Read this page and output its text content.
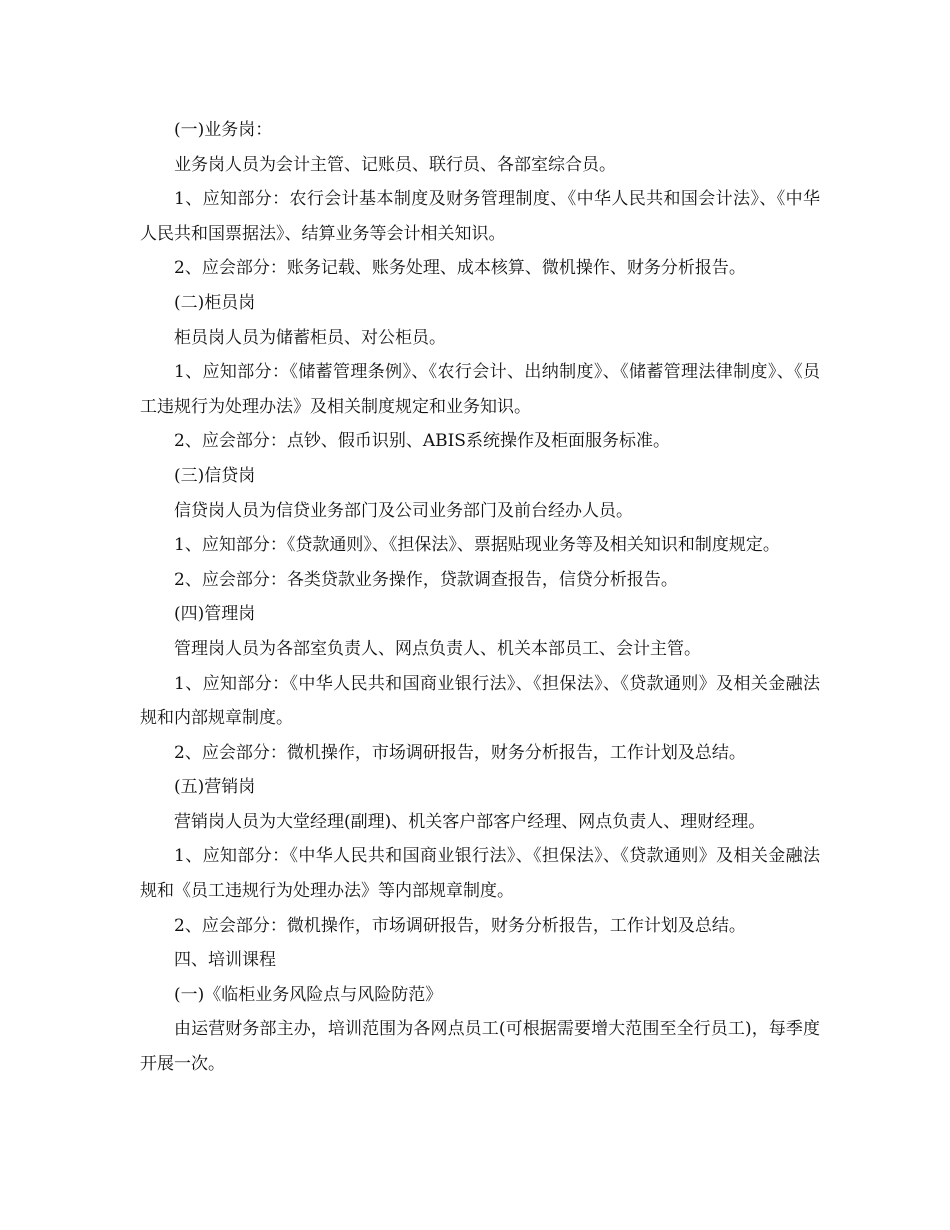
(一)业务岗：

业务岗人员为会计主管、记账员、联行员、各部室综合员。

1、应知部分：农行会计基本制度及财务管理制度、《中华人民共和国会计法》、《中华人民共和国票据法》、结算业务等会计相关知识。

2、应会部分：账务记载、账务处理、成本核算、微机操作、财务分析报告。

(二)柜员岗

柜员岗人员为储蓄柜员、对公柜员。

1、应知部分：《储蓄管理条例》、《农行会计、出纳制度》、《储蓄管理法律制度》、《员工违规行为处理办法》及相关制度规定和业务知识。

2、应会部分：点钞、假币识别、ABIS系统操作及柜面服务标准。

(三)信贷岗

信贷岗人员为信贷业务部门及公司业务部门及前台经办人员。

1、应知部分：《贷款通则》、《担保法》、票据贴现业务等及相关知识和制度规定。

2、应会部分：各类贷款业务操作，贷款调查报告，信贷分析报告。

(四)管理岗

管理岗人员为各部室负责人、网点负责人、机关本部员工、会计主管。

1、应知部分：《中华人民共和国商业银行法》、《担保法》、《贷款通则》及相关金融法规和内部规章制度。

2、应会部分：微机操作，市场调研报告，财务分析报告，工作计划及总结。

(五)营销岗

营销岗人员为大堂经理(副理)、机关客户部客户经理、网点负责人、理财经理。

1、应知部分：《中华人民共和国商业银行法》、《担保法》、《贷款通则》及相关金融法规和《员工违规行为处理办法》等内部规章制度。

2、应会部分：微机操作，市场调研报告，财务分析报告，工作计划及总结。

四、培训课程

(一)《临柜业务风险点与风险防范》

由运营财务部主办，培训范围为各网点员工(可根据需要增大范围至全行员工)，每季度开展一次。
